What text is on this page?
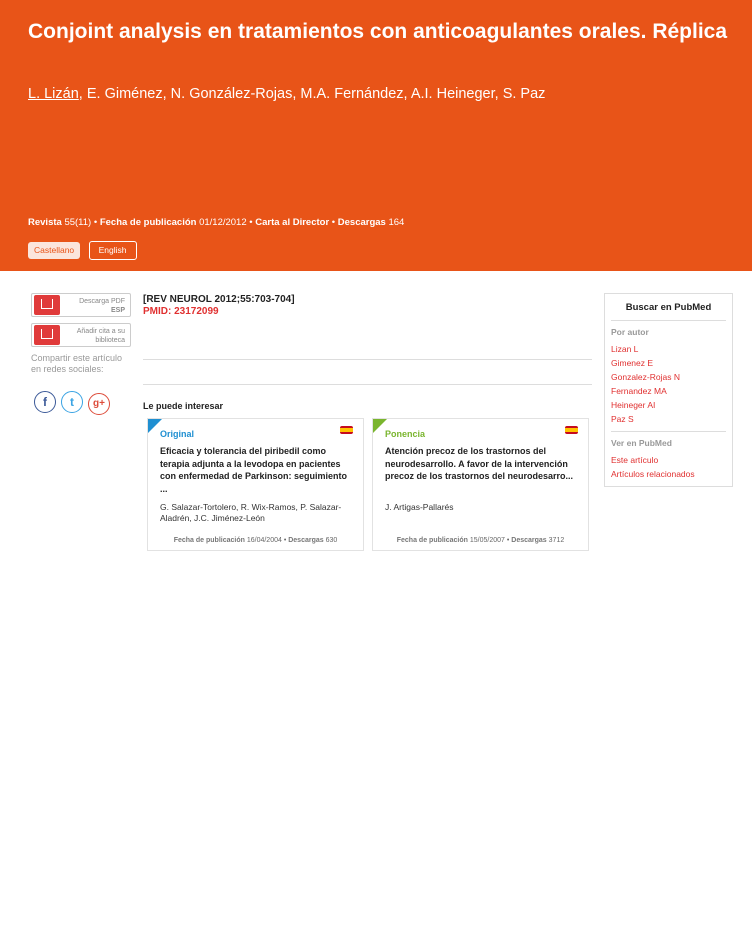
Conjoint analysis en tratamientos con anticoagulantes orales. Réplica
L. Lizán, E. Giménez, N. González-Rojas, M.A. Fernández, A.I. Heineger, S. Paz
Revista 55(11) • Fecha de publicación 01/12/2012 • Carta al Director • Descargas 164
Castellano	English
Descarga PDF
ESP
Añadir cita a su
biblioteca
Compartir este artículo en redes sociales:
f t g+
[REV NEUROL 2012;55:703-704]
PMID: 23172099
Le puede interesar
Original
Eficacia y tolerancia del piribedil como terapia adjunta a la levodopa en pacientes con enfermedad de Parkinson: seguimiento ...
G. Salazar-Tortolero, R. Wix-Ramos, P. Salazar-Aladrén, J.C. Jiménez-León
Fecha de publicación 16/04/2004 • Descargas 630
Ponencia
Atención precoz de los trastornos del neurodesarrollo. A favor de la intervención precoz de los trastornos del neurodesarro...
J. Artigas-Pallarés
Fecha de publicación 15/05/2007 • Descargas 3712
Buscar en PubMed
Por autor
Lizan L
Gimenez E
Gonzalez-Rojas N
Fernandez MA
Heineger AI
Paz S
Ver en PubMed
Este artículo
Artículos relacionados
